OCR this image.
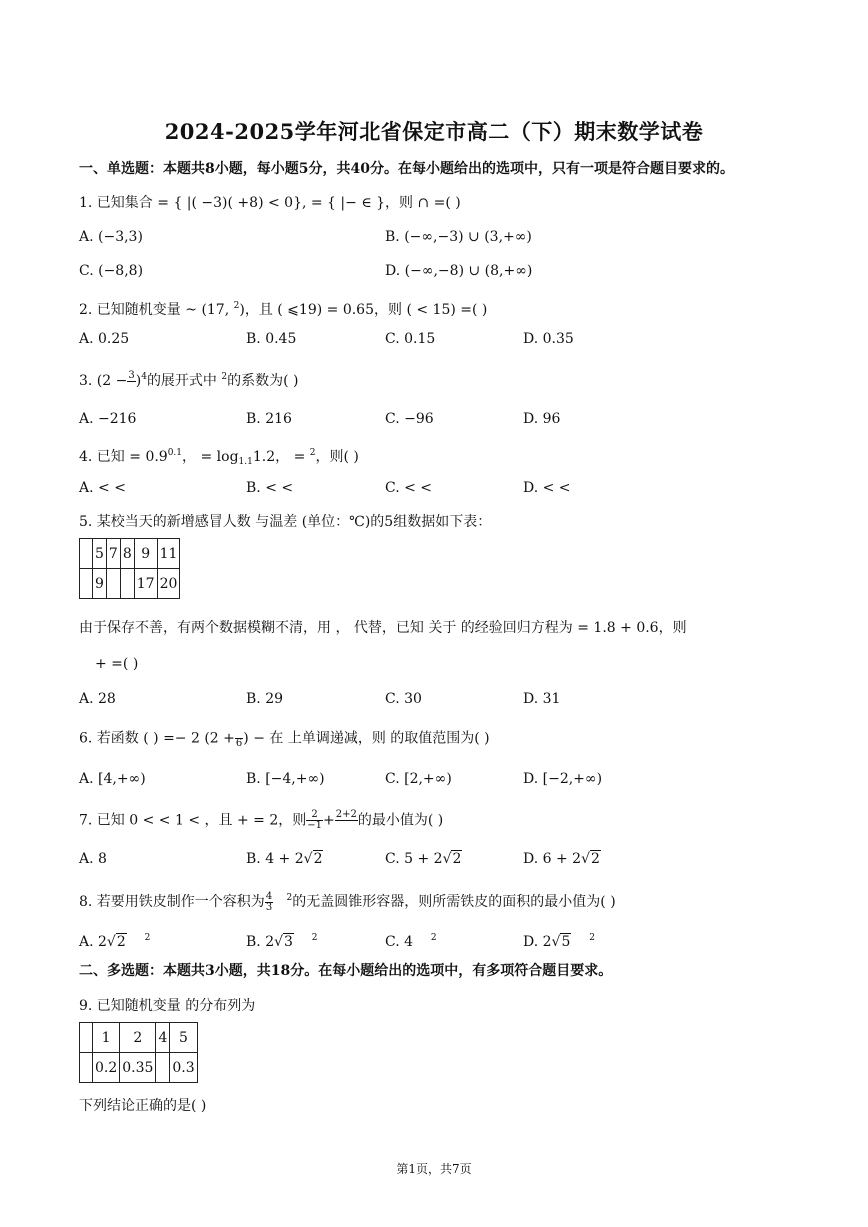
2024-2025学年河北省保定市高二（下）期末数学试卷
一、单选题：本题共8小题，每小题5分，共40分。在每小题给出的选项中，只有一项是符合题目要求的。
1. 已知集合 = { |( −3)( +8) < 0}, = { |− ∈ }，则 ∩ =( )
A. (−3,3)	B. (−∞,−3) ∪ (3,+∞)
C. (−8,8)	D. (−∞,−8) ∪ (8,+∞)
2. 已知随机变量 ~ (17, $^2$)，且 ( ⩽19) = 0.65，则 ( < 15) =( )
A. 0.25	B. 0.45	C. 0.15	D. 0.35
3. (2 − 3
)$^4$的展开式中 $^2$的系数为( )
A. −216	B. 216	C. −96	D. 96
4. 已知 = $0.9^{0.1}$， = $\log_{1.1}1.2$， = $^2$，则( )
A. < <	B. < <	C. < <	D. < <
5. 某校当天的新增感冒人数 与温差 (单位：℃)的5组数据如下表：
	5	7	8	9	11
	9			17	20
由于保存不善，有两个数据模糊不清，用 ， 代替，已知 关于 的经验回归方程为 = 1.8 + 0.6，则
+ =( )
A. 28	B. 29	C. 30	D. 31
6. 若函数 ( ) =− 2 (2 +
6 ) − 在 上单调递减，则 的取值范围为( )
A. [4,+∞)	B. [−4,+∞)	C. [2,+∞)	D. [−2,+∞)
7. 已知 0 < < 1 < ，且 + = 2，则 $\frac{2}{-1} + 2+2$
的最小值为( )
A. 8	B. 4 + 2√2	C. 5 + 2√2	D. 6 + 2√2
8. 若要用铁皮制作一个容积为 $\frac{4}{3} ^2$的无盖圆锥形容器，则所需铁皮的面积的最小值为( )
A. 2√2 $^2$	B. 2√3 $^2$	C. 4 $^2$	D. 2√5 $^2$
二、多选题：本题共3小题，共18分。在每小题给出的选项中，有多项符合题目要求。
9. 已知随机变量 的分布列为
	1	2	4	5
	0.2	0.35		0.3
下列结论正确的是( )
第1页，共7页
